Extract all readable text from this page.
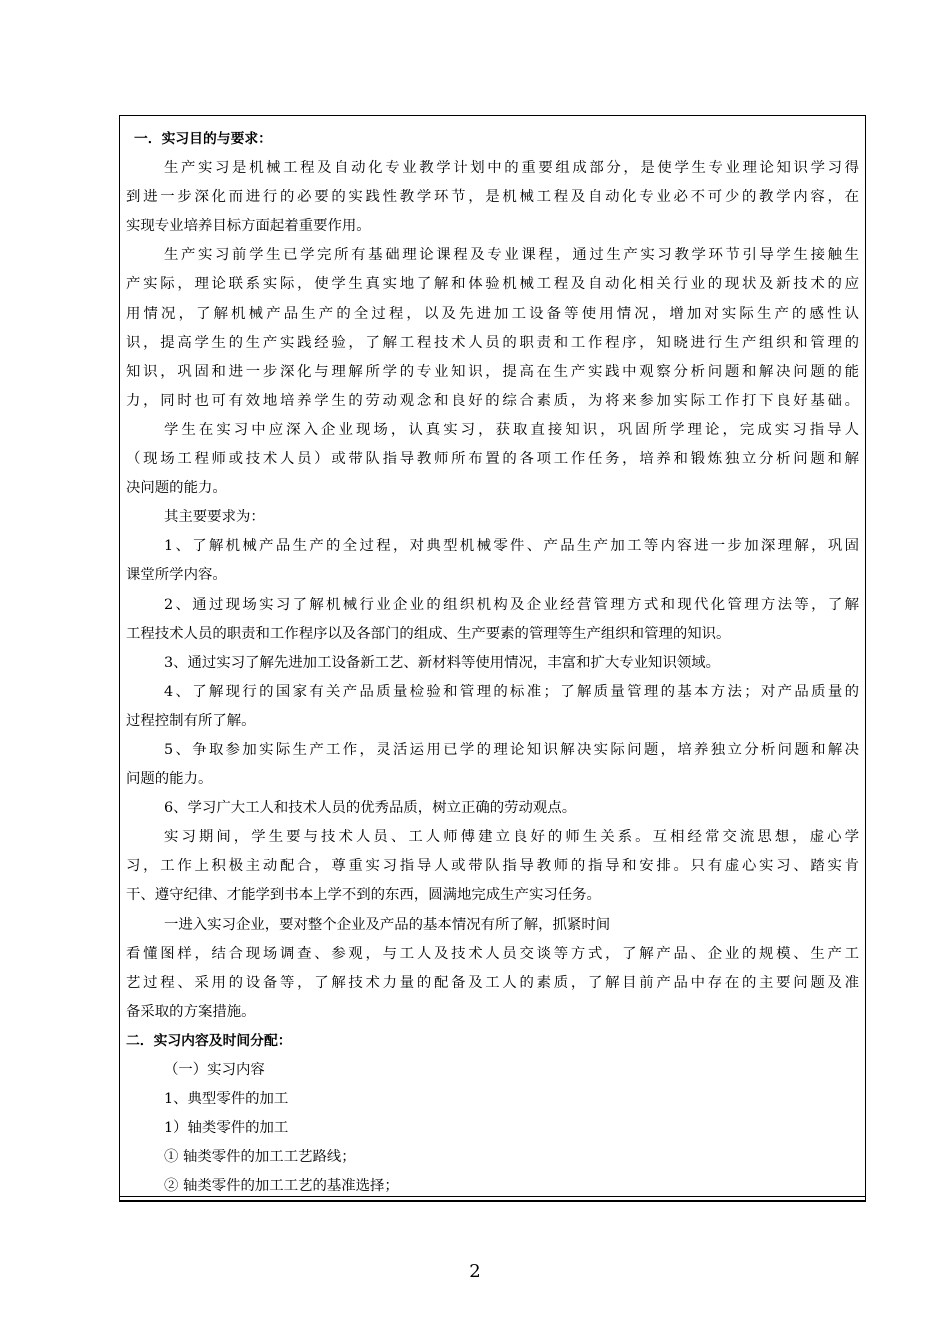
一．实习目的与要求：
生产实习是机械工程及自动化专业教学计划中的重要组成部分，是使学生专业理论知识学习得
到进一步深化而进行的必要的实践性教学环节，是机械工程及自动化专业必不可少的教学内容，在
实现专业培养目标方面起着重要作用。
生产实习前学生已学完所有基础理论课程及专业课程，通过生产实习教学环节引导学生接触生
产实际，理论联系实际，使学生真实地了解和体验机械工程及自动化相关行业的现状及新技术的应
用情况，了解机械产品生产的全过程，以及先进加工设备等使用情况，增加对实际生产的感性认
识，提高学生的生产实践经验，了解工程技术人员的职责和工作程序，知晓进行生产组织和管理的
知识，巩固和进一步深化与理解所学的专业知识，提高在生产实践中观察分析问题和解决问题的能
力，同时也可有效地培养学生的劳动观念和良好的综合素质，为将来参加实际工作打下良好基础。
学生在实习中应深入企业现场，认真实习，获取直接知识，巩固所学理论，完成实习指导人
（现场工程师或技术人员）或带队指导教师所布置的各项工作任务，培养和锻炼独立分析问题和解
决问题的能力。
其主要要求为：
1、了解机械产品生产的全过程，对典型机械零件、产品生产加工等内容进一步加深理解，巩固
课堂所学内容。
2、通过现场实习了解机械行业企业的组织机构及企业经营管理方式和现代化管理方法等，了解
工程技术人员的职责和工作程序以及各部门的组成、生产要素的管理等生产组织和管理的知识。
3、通过实习了解先进加工设备新工艺、新材料等使用情况，丰富和扩大专业知识领域。
4、了解现行的国家有关产品质量检验和管理的标准；了解质量管理的基本方法；对产品质量的
过程控制有所了解。
5、争取参加实际生产工作，灵活运用已学的理论知识解决实际问题，培养独立分析问题和解决
问题的能力。
6、学习广大工人和技术人员的优秀品质，树立正确的劳动观点。
实习期间，学生要与技术人员、工人师傅建立良好的师生关系。互相经常交流思想，虚心学
习，工作上积极主动配合，尊重实习指导人或带队指导教师的指导和安排。只有虚心实习、踏实肯
干、遵守纪律、才能学到书本上学不到的东西，圆满地完成生产实习任务。
一进入实习企业，要对整个企业及产品的基本情况有所了解，抓紧时间
看懂图样，结合现场调查、参观，与工人及技术人员交谈等方式，了解产品、企业的规模、生产工
艺过程、采用的设备等，了解技术力量的配备及工人的素质，了解目前产品中存在的主要问题及准
备采取的方案措施。
二．实习内容及时间分配：
（一）实习内容
1、典型零件的加工
1）轴类零件的加工
① 轴类零件的加工工艺路线；
② 轴类零件的加工工艺的基准选择；
2
